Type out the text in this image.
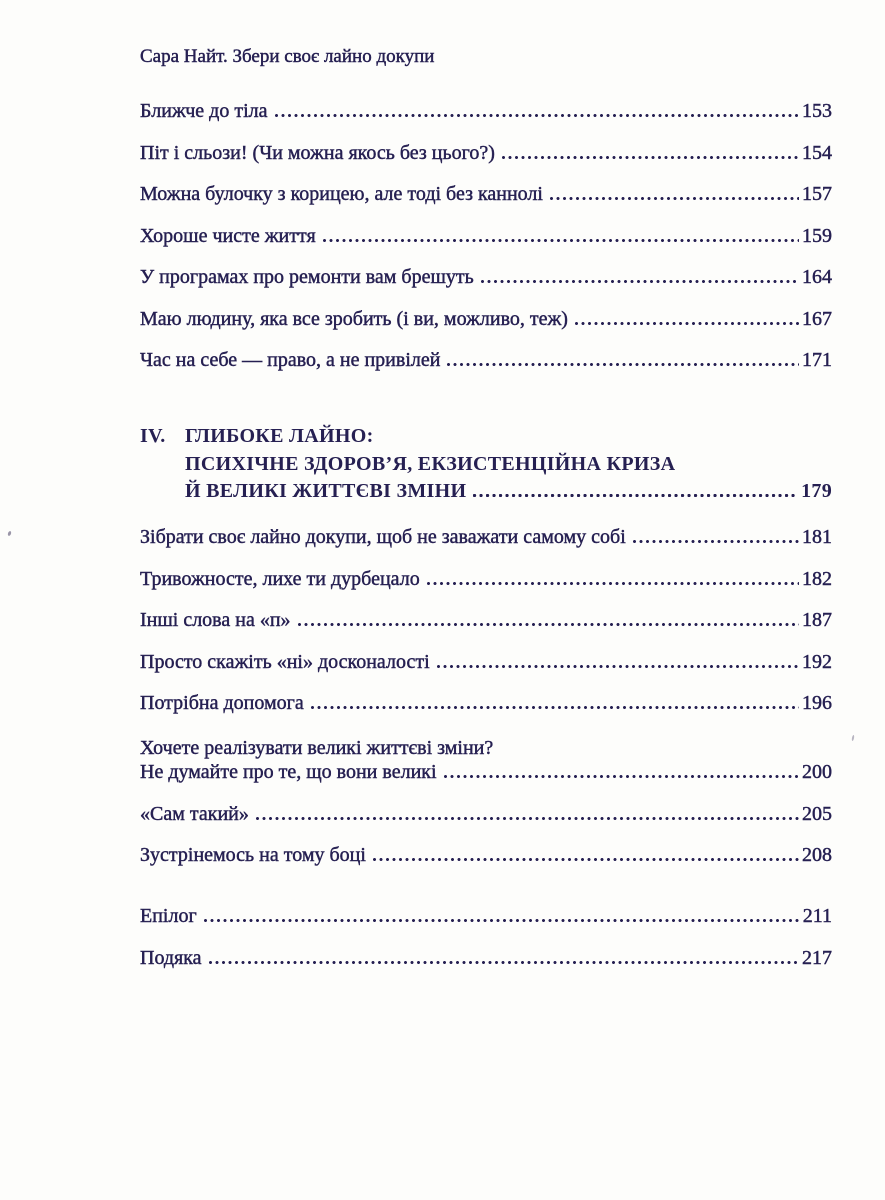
Сара Найт. Збери своє лайно докупи
Ближче до тіла	153
Піт і сльози! (Чи можна якось без цього?)	154
Можна булочку з корицею, але тоді без каннолі	157
Хороше чисте життя	159
У програмах про ремонти вам брешуть	164
Маю людину, яка все зробить (і ви, можливо, теж)	167
Час на себе — право, а не привілей	171
IV. ГЛИБОКЕ ЛАЙНО:
ПСИХІЧНЕ ЗДОРОВ’Я, ЕКЗИСТЕНЦІЙНА КРИЗА
Й ВЕЛИКІ ЖИТТЄВІ ЗМІНИ	179
Зібрати своє лайно докупи, щоб не заважати самому собі	181
Тривожносте, лихе ти дурбецало	182
Інші слова на «п»	187
Просто скажіть «ні» досконалості	192
Потрібна допомога	196
Хочете реалізувати великі життєві зміни?
Не думайте про те, що вони великі	200
«Сам такий»	205
Зустрінемось на тому боці	208
Епілог	211
Подяка	217
